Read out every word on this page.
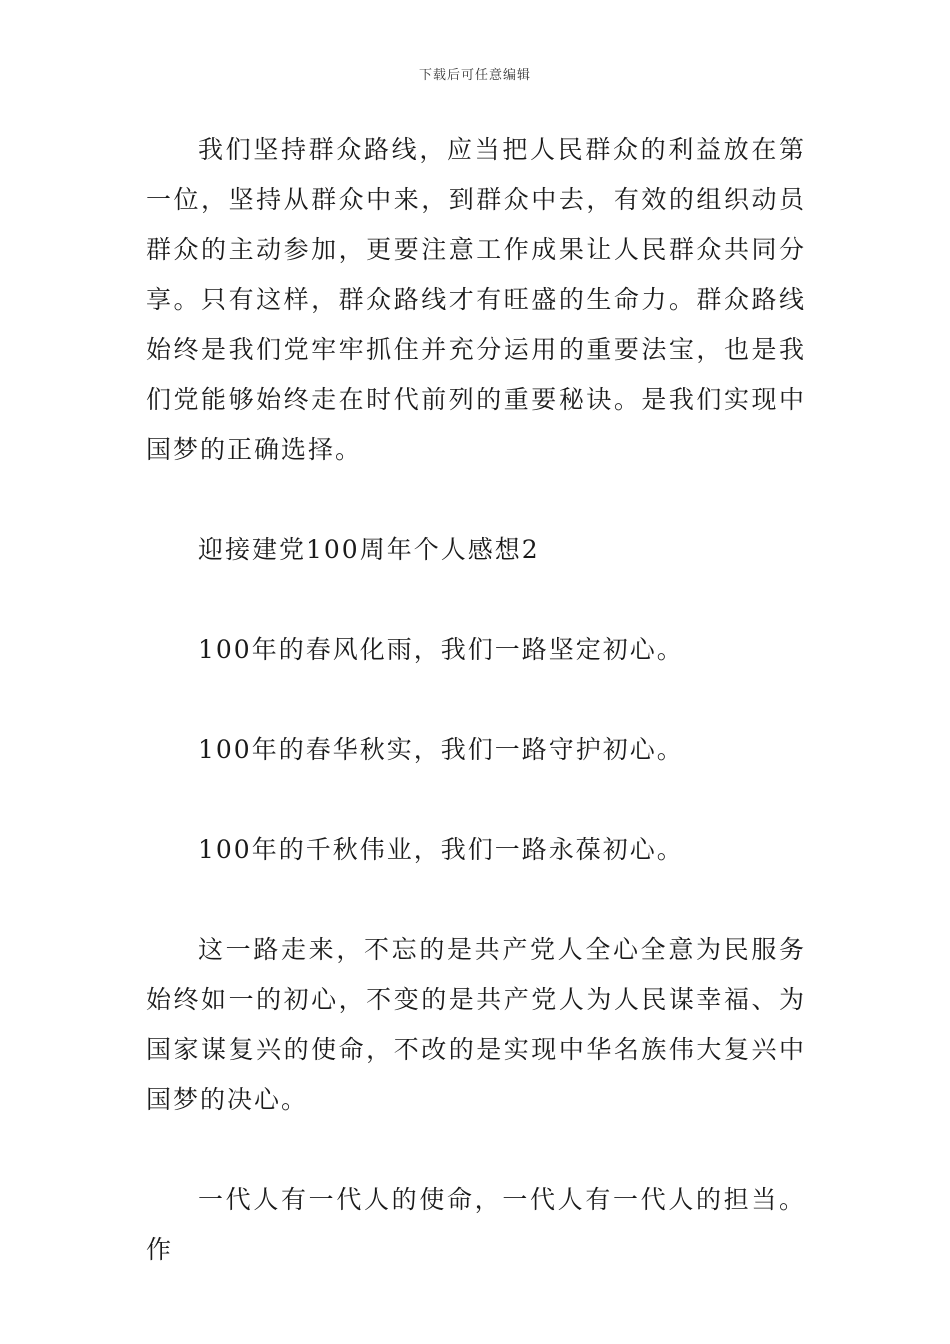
下载后可任意编辑

我们坚持群众路线，应当把人民群众的利益放在第一位，坚持从群众中来，到群众中去，有效的组织动员群众的主动参加，更要注意工作成果让人民群众共同分享。只有这样，群众路线才有旺盛的生命力。群众路线始终是我们党牢牢抓住并充分运用的重要法宝，也是我们党能够始终走在时代前列的重要秘诀。是我们实现中国梦的正确选择。

迎接建党100周年个人感想2

100年的春风化雨，我们一路坚定初心。

100年的春华秋实，我们一路守护初心。

100年的千秋伟业，我们一路永葆初心。

这一路走来，不忘的是共产党人全心全意为民服务始终如一的初心，不变的是共产党人为人民谋幸福、为国家谋复兴的使命，不改的是实现中华名族伟大复兴中国梦的决心。

一代人有一代人的使命，一代人有一代人的担当。作
